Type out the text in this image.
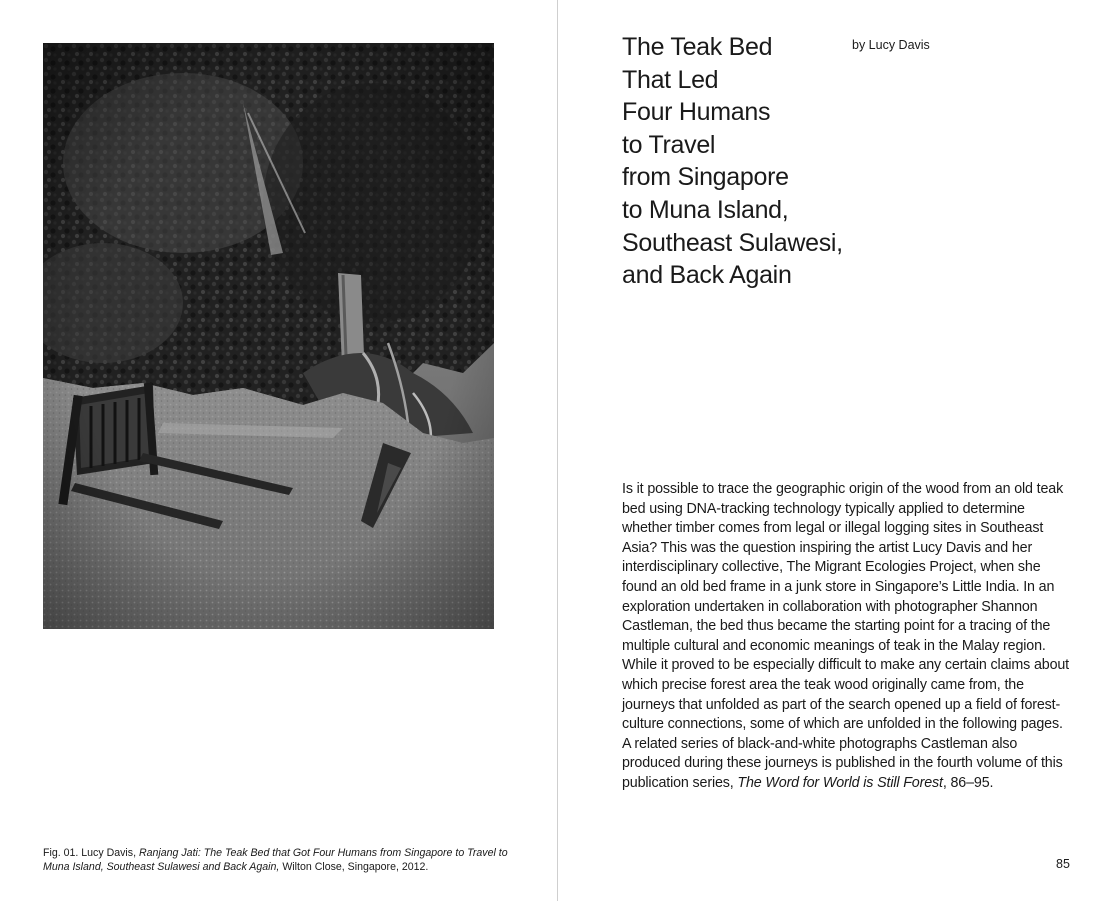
Fig. 01. Lucy Davis, Ranjang Jati: The Teak Bed that Got Four Humans from Singapore to Travel to Muna Island, Southeast Sulawesi and Back Again, Wilton Close, Singapore, 2012.
The Teak Bed
That Led
Four Humans
to Travel
from Singapore
to Muna Island,
Southeast Sulawesi,
and Back Again
by Lucy Davis

Is it possible to trace the geographic origin of the wood from an old teak bed using DNA-tracking technology typically applied to determine whether timber comes from legal or illegal logging sites in Southeast Asia? This was the question inspiring the artist Lucy Davis and her interdisciplinary collective, The Migrant Ecologies Project, when she found an old bed frame in a junk store in Singapore’s Little India. In an exploration undertaken in collaboration with photographer Shannon Castleman, the bed thus became the starting point for a tracing of the multiple cultural and economic meanings of teak in the Malay region. While it proved to be especially difficult to make any certain claims about which precise forest area the teak wood originally came from, the journeys that unfolded as part of the search opened up a field of forest-culture connections, some of which are unfolded in the following pages. A related series of black-and-white photographs Castleman also produced during these journeys is published in the fourth volume of this publication series, The Word for World is Still Forest, 86–95.

85
